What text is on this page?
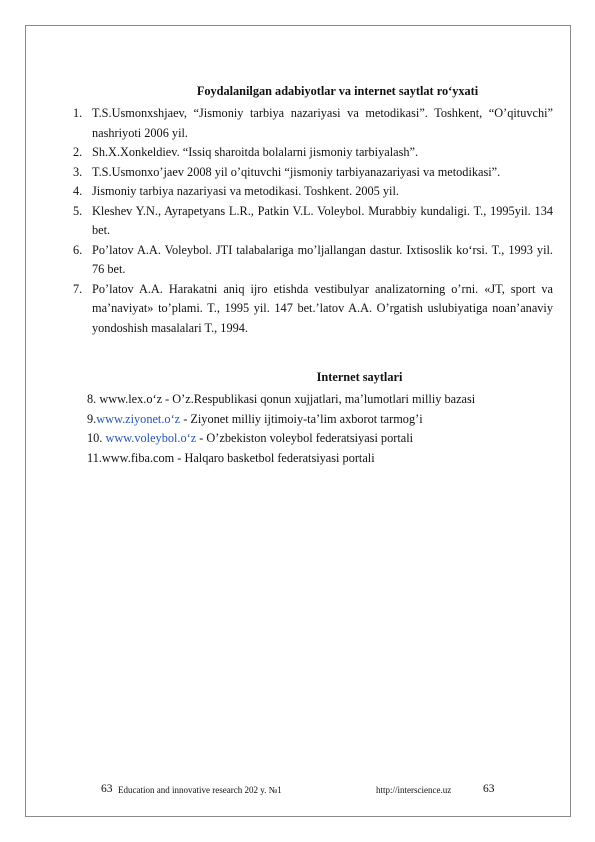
Foydalanilgan adabiyotlar va internet saytlat ro‘yxati
1. T.S.Usmonxshjaev, “Jismoniy tarbiya nazariyasi va metodikasi”. Toshkent, “O’qituvchi” nashriyoti 2006 yil.
2. Sh.X.Xonkeldiev. “Issiq sharoitda bolalarni jismoniy tarbiyalash”.
3. T.S.Usmonxo’jaev 2008 yil o’qituvchi “jismoniy tarbiyanazariyasi va metodikasi”.
4. Jismoniy tarbiya nazariyasi va metodikasi. Toshkent. 2005 yil.
5. Kleshev Y.N., Ayrapetyans L.R., Patkin V.L. Voleybol. Murabbiy kundaligi. T., 1995yil. 134 bet.
6. Po’latov A.A. Voleybol. JTI talabalariga mo’ljallangan dastur. Ixtisoslik ko‘rsi. T., 1993 yil. 76 bet.
7. Po’latov A.A. Harakatni aniq ijro etishda vestibulyar analizatorning o’rni. «JT, sport va ma’naviyat» to’plami. T., 1995 yil. 147 bet.’latov A.A. O’rgatish uslubiyatiga noan’anaviy yondoshish masalalari T., 1994.
Internet saytlari
8. www.lex.o‘z - O’z.Respublikasi qonun xujjatlari, ma’lumotlari milliy bazasi
9.www.ziyonet.o‘z - Ziyonet milliy ijtimoiy-ta’lim axborot tarmog’i
10. www.voleybol.o‘z - O’zbekiston voleybol federatsiyasi portali
11.www.fiba.com - Halqaro basketbol federatsiyasi portali
63 Education and innovative research 202 y. №1	http://interscience.uz	63
